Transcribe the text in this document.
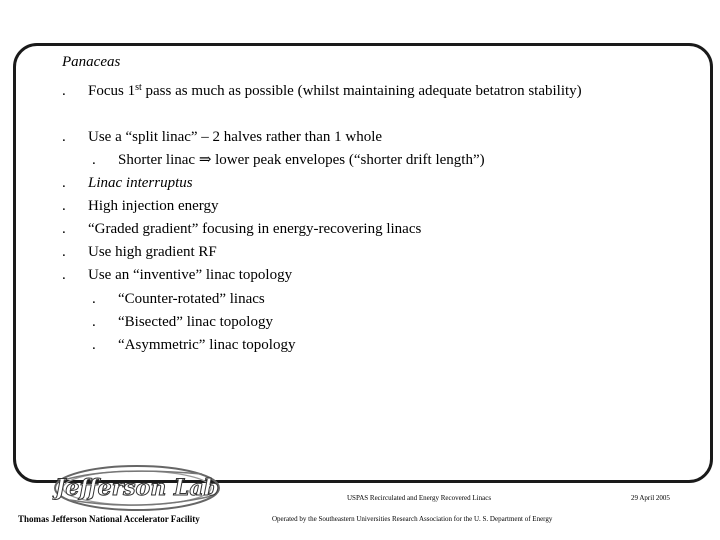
Panaceas
.	Focus 1st pass as much as possible (whilst maintaining adequate betatron stability)
.	Use a “split linac” – 2 halves rather than 1 whole
.	Shorter linac ⇒ lower peak envelopes (“shorter drift length”)
.	Linac interruptus
.	High injection energy
.	“Graded gradient” focusing in energy-recovering linacs
.	Use high gradient RF
.	Use an “inventive” linac topology
.	“Counter-rotated” linacs
.	“Bisected” linac topology
.	“Asymmetric” linac topology
Jefferson Lab
Thomas Jefferson National Accelerator Facility
USPAS Recirculated and Energy Recovered Linacs
Operated by the Southeastern Universities Research Association for the U. S. Department of Energy
29 April 2005
